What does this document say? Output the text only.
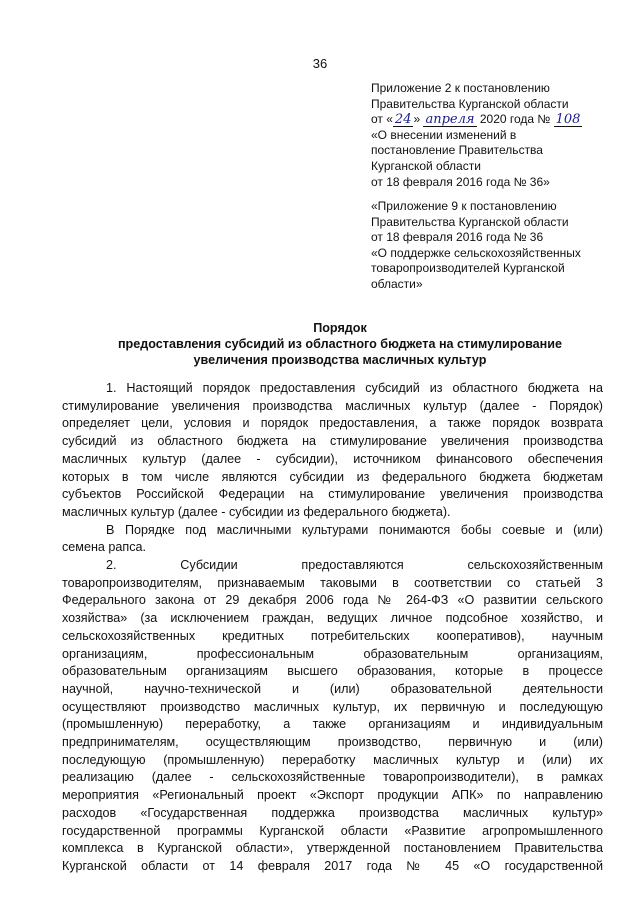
36
Приложение 2 к постановлению
Правительства Курганской области
от « 24 » апреля 2020 года № 108
«О внесении изменений в
постановление Правительства
Курганской области
от 18 февраля 2016 года № 36»
«Приложение 9 к постановлению
Правительства Курганской области
от 18 февраля 2016 года № 36
«О поддержке сельскохозяйственных
товаропроизводителей Курганской
области»
Порядок
предоставления субсидий из областного бюджета на стимулирование
увеличения производства масличных культур
1. Настоящий порядок предоставления субсидий из областного бюджета на
стимулирование увеличения производства масличных культур (далее - Порядок)
определяет цели, условия и порядок предоставления, а также порядок возврата
субсидий из областного бюджета на стимулирование увеличения производства
масличных культур (далее - субсидии), источником финансового обеспечения
которых в том числе являются субсидии из федерального бюджета бюджетам
субъектов Российской Федерации на стимулирование увеличения производства
масличных культур (далее - субсидии из федерального бюджета).
В Порядке под масличными культурами понимаются бобы соевые и (или)
семена рапса.
2. Субсидии предоставляются сельскохозяйственным
товаропроизводителям, признаваемым таковыми в соответствии со статьей 3
Федерального закона от 29 декабря 2006 года № 264-ФЗ «О развитии сельского
хозяйства» (за исключением граждан, ведущих личное подсобное хозяйство, и
сельскохозяйственных кредитных потребительских кооперативов), научным
организациям, профессиональным образовательным организациям,
образовательным организациям высшего образования, которые в процессе
научной, научно-технической и (или) образовательной деятельности
осуществляют производство масличных культур, их первичную и последующую
(промышленную) переработку, а также организациям и индивидуальным
предпринимателям, осуществляющим производство, первичную и (или)
последующую (промышленную) переработку масличных культур и (или) их
реализацию (далее - сельскохозяйственные товаропроизводители), в рамках
мероприятия «Региональный проект «Экспорт продукции АПК» по направлению
расходов «Государственная поддержка производства масличных культур»
государственной программы Курганской области «Развитие агропромышленного
комплекса в Курганской области», утвержденной постановлением Правительства
Курганской области от 14 февраля 2017 года № 45 «О государственной
